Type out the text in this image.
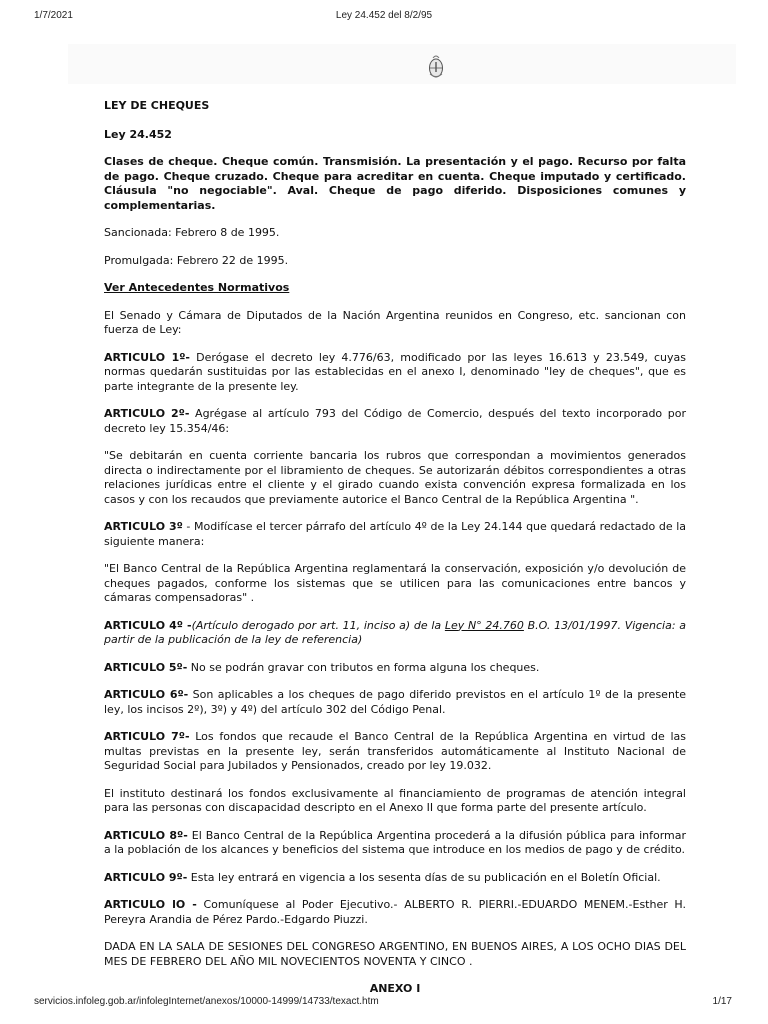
1/7/2021	Ley 24.452 del 8/2/95

LEY DE CHEQUES

Ley 24.452

Clases de cheque. Cheque común. Transmisión. La presentación y el pago. Recurso por falta de pago. Cheque cruzado. Cheque para acreditar en cuenta. Cheque imputado y certificado. Cláusula "no negociable". Aval. Cheque de pago diferido. Disposiciones comunes y complementarias.

Sancionada: Febrero 8 de 1995.

Promulgada: Febrero 22 de 1995.

Ver Antecedentes Normativos

El Senado y Cámara de Diputados de la Nación Argentina reunidos en Congreso, etc. sancionan con fuerza de Ley:

ARTICULO 1º- Derógase el decreto ley 4.776/63, modificado por las leyes 16.613 y 23.549, cuyas normas quedarán sustituidas por las establecidas en el anexo I, denominado "ley de cheques", que es parte integrante de la presente ley.

ARTICULO 2º- Agrégase al artículo 793 del Código de Comercio, después del texto incorporado por decreto ley 15.354/46:

"Se debitarán en cuenta corriente bancaria los rubros que correspondan a movimientos generados directa o indirectamente por el libramiento de cheques. Se autorizarán débitos correspondientes a otras relaciones jurídicas entre el cliente y el girado cuando exista convención expresa formalizada en los casos y con los recaudos que previamente autorice el Banco Central de la República Argentina ".

ARTICULO 3º - Modifícase el tercer párrafo del artículo 4º de la Ley 24.144 que quedará redactado de la siguiente manera:

"El Banco Central de la República Argentina reglamentará la conservación, exposición y/o devolución de cheques pagados, conforme los sistemas que se utilicen para las comunicaciones entre bancos y cámaras compensadoras" .

ARTICULO 4º -(Artículo derogado por art. 11, inciso a) de la Ley N° 24.760 B.O. 13/01/1997. Vigencia: a partir de la publicación de la ley de referencia)

ARTICULO 5º- No se podrán gravar con tributos en forma alguna los cheques.

ARTICULO 6º- Son aplicables a los cheques de pago diferido previstos en el artículo 1º de la presente ley, los incisos 2º), 3º) y 4º) del artículo 302 del Código Penal.

ARTICULO 7º- Los fondos que recaude el Banco Central de la República Argentina en virtud de las multas previstas en la presente ley, serán transferidos automáticamente al Instituto Nacional de Seguridad Social para Jubilados y Pensionados, creado por ley 19.032.

El instituto destinará los fondos exclusivamente al financiamiento de programas de atención integral para las personas con discapacidad descripto en el Anexo II que forma parte del presente artículo.

ARTICULO 8º- El Banco Central de la República Argentina procederá a la difusión pública para informar a la población de los alcances y beneficios del sistema que introduce en los medios de pago y de crédito.

ARTICULO 9º- Esta ley entrará en vigencia a los sesenta días de su publicación en el Boletín Oficial.

ARTICULO lO - Comuníquese al Poder Ejecutivo.- ALBERTO R. PIERRI.-EDUARDO MENEM.-Esther H. Pereyra Arandia de Pérez Pardo.-Edgardo Piuzzi.

DADA EN LA SALA DE SESIONES DEL CONGRESO ARGENTINO, EN BUENOS AIRES, A LOS OCHO DIAS DEL MES DE FEBRERO DEL AÑO MIL NOVECIENTOS NOVENTA Y CINCO .

ANEXO I

servicios.infoleg.gob.ar/infolegInternet/anexos/10000-14999/14733/texact.htm	1/17
